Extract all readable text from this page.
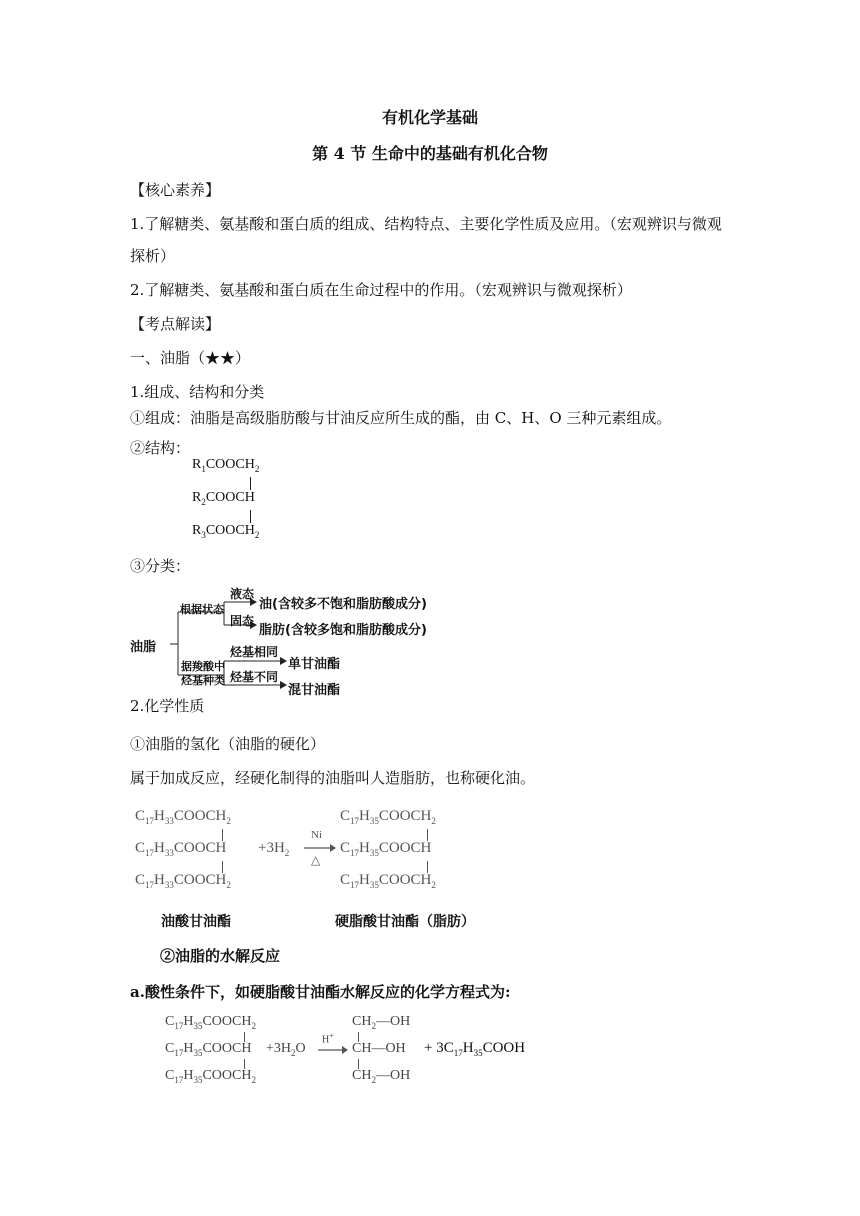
有机化学基础
第 4 节 生命中的基础有机化合物
【核心素养】
1.了解糖类、氨基酸和蛋白质的组成、结构特点、主要化学性质及应用。（宏观辨识与微观
探析）
2.了解糖类、氨基酸和蛋白质在生命过程中的作用。（宏观辨识与微观探析）
【考点解读】
一、油脂（★★）
1.组成、结构和分类
①组成：油脂是高级脂肪酸与甘油反应所生成的酯，由 C、H、O 三种元素组成。
②结构：
$R_1COOCH_2$
$R_2COOCH$
$R_3COOCH_2$
③分类：
油脂
根据状态
液态
油(含较多不饱和脂肪酸成分)
固态
脂肪(含较多饱和脂肪酸成分)
据羧酸中
烃基种类
烃基相同
单甘油酯
烃基不同
混甘油酯
2.化学性质
①油脂的氢化（油脂的硬化）
属于加成反应，经硬化制得的油脂叫人造脂肪，也称硬化油。
$C_{17}H_{33}COOCH_2$
$C_{17}H_{33}COOCH$
$C_{17}H_{33}COOCH_2$
$+3H_2$
Ni
△
$C_{17}H_{35}COOCH_2$
$C_{17}H_{35}COOCH$
$C_{17}H_{35}COOCH_2$
油酸甘油酯	硬脂酸甘油酯（脂肪）
②油脂的水解反应
a.酸性条件下，如硬脂酸甘油酯水解反应的化学方程式为:
$C_{17}H_{35}COOCH_2$
$C_{17}H_{35}COOCH$
$C_{17}H_{35}COOCH_2$
$+3H_2O$
H+
$CH_2—OH$
CH—OH
$CH_2—OH$
+ $3C_{17}H_{35}COOH$
